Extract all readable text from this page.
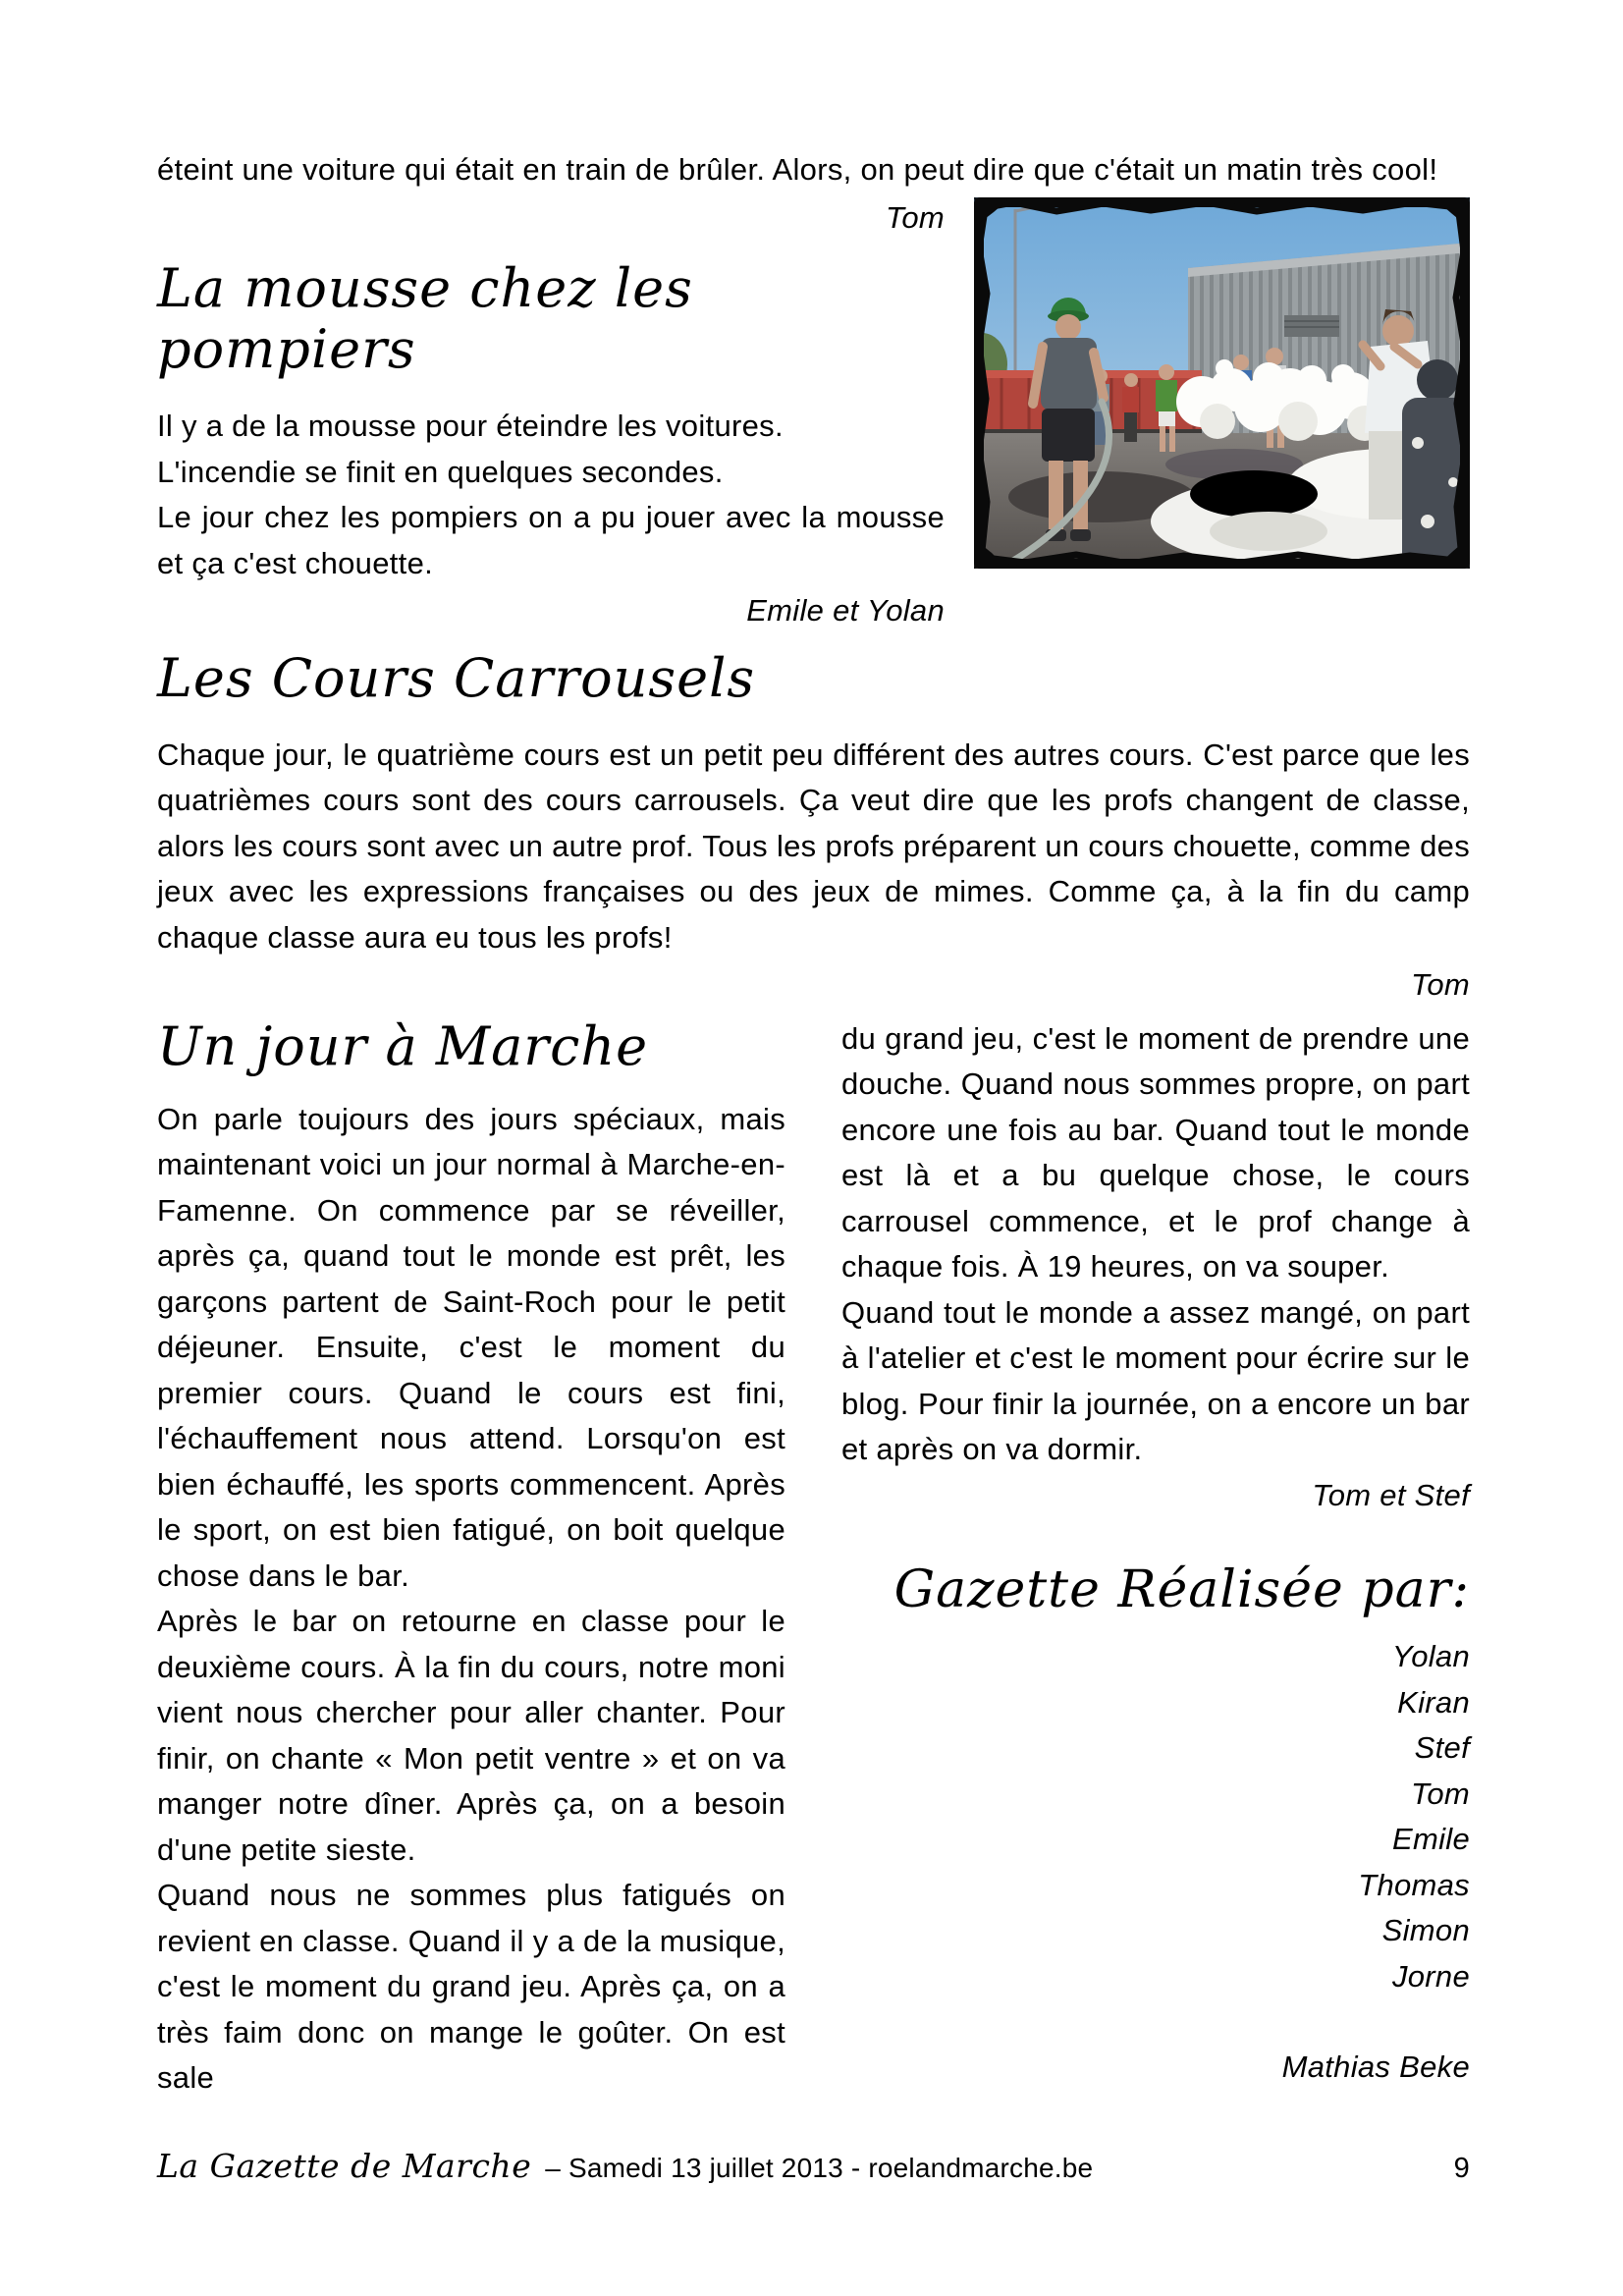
éteint une voiture qui était en train de brûler. Alors, on peut dire que c'était un matin très cool!

Tom

La mousse chez les pompiers

Il y a de la mousse pour éteindre les voitures.

L'incendie se finit en quelques secondes.

Le jour chez les pompiers on a pu jouer avec la mousse et ça c'est chouette.

Emile et Yolan

Les Cours Carrousels

Chaque jour, le quatrième cours est un petit peu différent des autres cours. C'est parce que les quatrièmes cours sont des cours carrousels. Ça veut dire que les profs changent de classe, alors les cours sont avec un autre prof. Tous les profs préparent un cours chouette, comme des jeux avec les expressions françaises ou des jeux de mimes. Comme ça, à la fin du camp chaque classe aura eu tous les profs!

Tom

Un jour à Marche

On parle toujours des jours spéciaux, mais maintenant voici un jour normal à Marche-en-Famenne. On commence par se réveiller, après ça, quand tout le monde est prêt, les garçons partent de Saint-Roch pour le petit déjeuner. Ensuite, c'est le moment du premier cours. Quand le cours est fini, l'échauffement nous attend. Lorsqu'on est bien échauffé, les sports commencent. Après le sport, on est bien fatigué, on boit quelque chose dans le bar.

Après le bar on retourne en classe pour le deuxième cours. À la fin du cours, notre moni vient nous chercher pour aller chanter. Pour finir, on chante « Mon petit ventre » et on va manger notre dîner. Après ça, on a besoin d'une petite sieste.

Quand nous ne sommes plus fatigués on revient en classe. Quand il y a de la musique, c'est le moment du grand jeu. Après ça, on a très faim donc on mange le goûter. On est sale

du grand jeu, c'est le moment de prendre une douche. Quand nous sommes propre, on part encore une fois au bar. Quand tout le monde est là et a bu quelque chose, le cours carrousel commence, et le prof change à chaque fois. À 19 heures, on va souper.

Quand tout le monde a assez mangé, on part à l'atelier et c'est le moment pour écrire sur le blog. Pour finir la journée, on a encore un bar et après on va dormir.

Tom et Stef

Gazette Réalisée par:
Yolan
Kiran
Stef
Tom
Emile
Thomas
Simon
Jorne
Mathias Beke
La Gazette de Marche – Samedi 13 juillet 2013 - roelandmarche.be	9
